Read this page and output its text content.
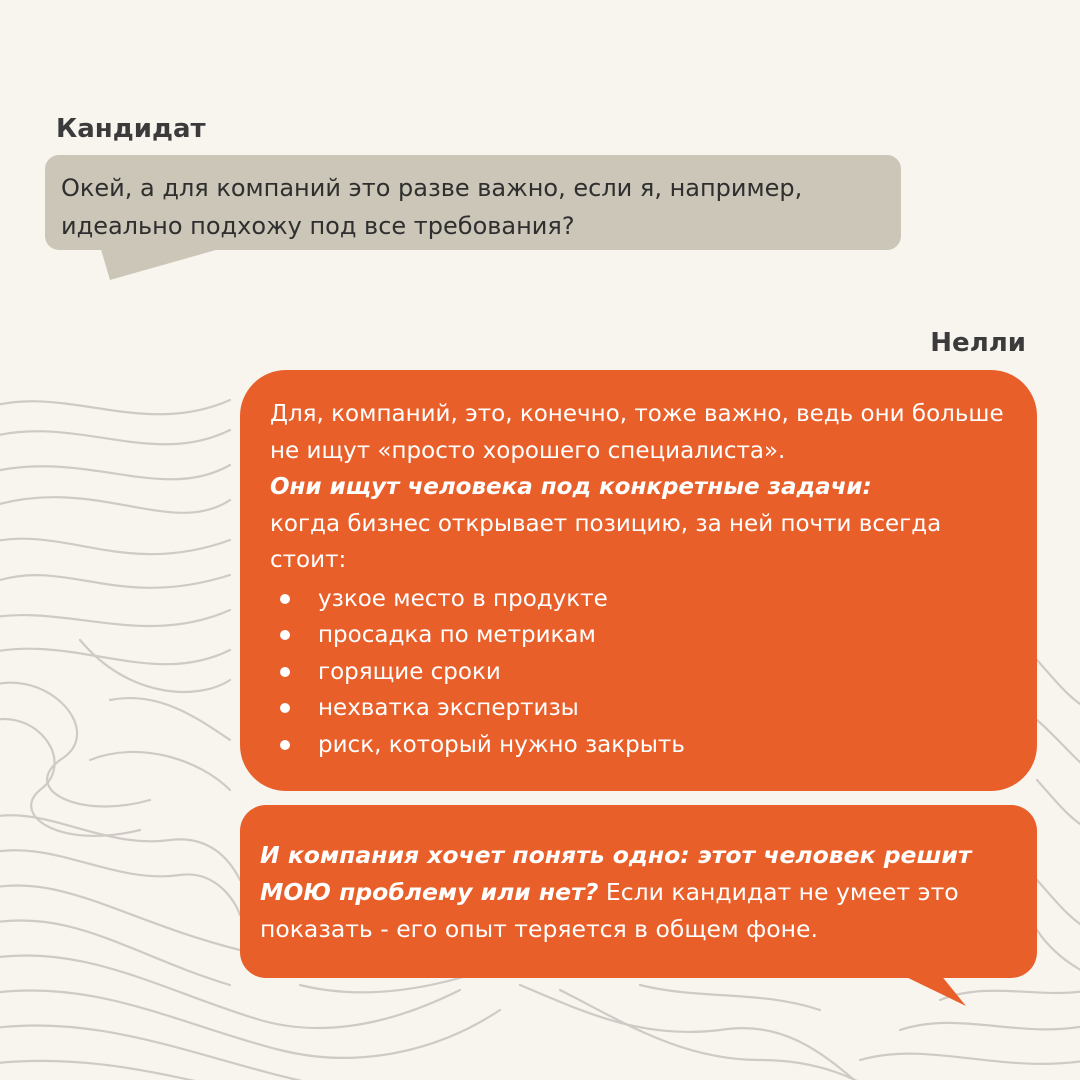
Кандидат

Окей, а для компаний это разве важно, если я, например, идеально подхожу под все требования?

Нелли

Для, компаний, это, конечно, тоже важно, ведь они больше не ищут «просто хорошего специалиста».

Они ищут человека под конкретные задачи:

когда бизнес открывает позицию, за ней почти всегда стоит:

узкое место в продукте
просадка по метрикам
горящие сроки
нехватка экспертизы
риск, который нужно закрыть

И компания хочет понять одно: этот человек решит МОЮ проблему или нет? Если кандидат не умеет это показать - его опыт теряется в общем фоне.
